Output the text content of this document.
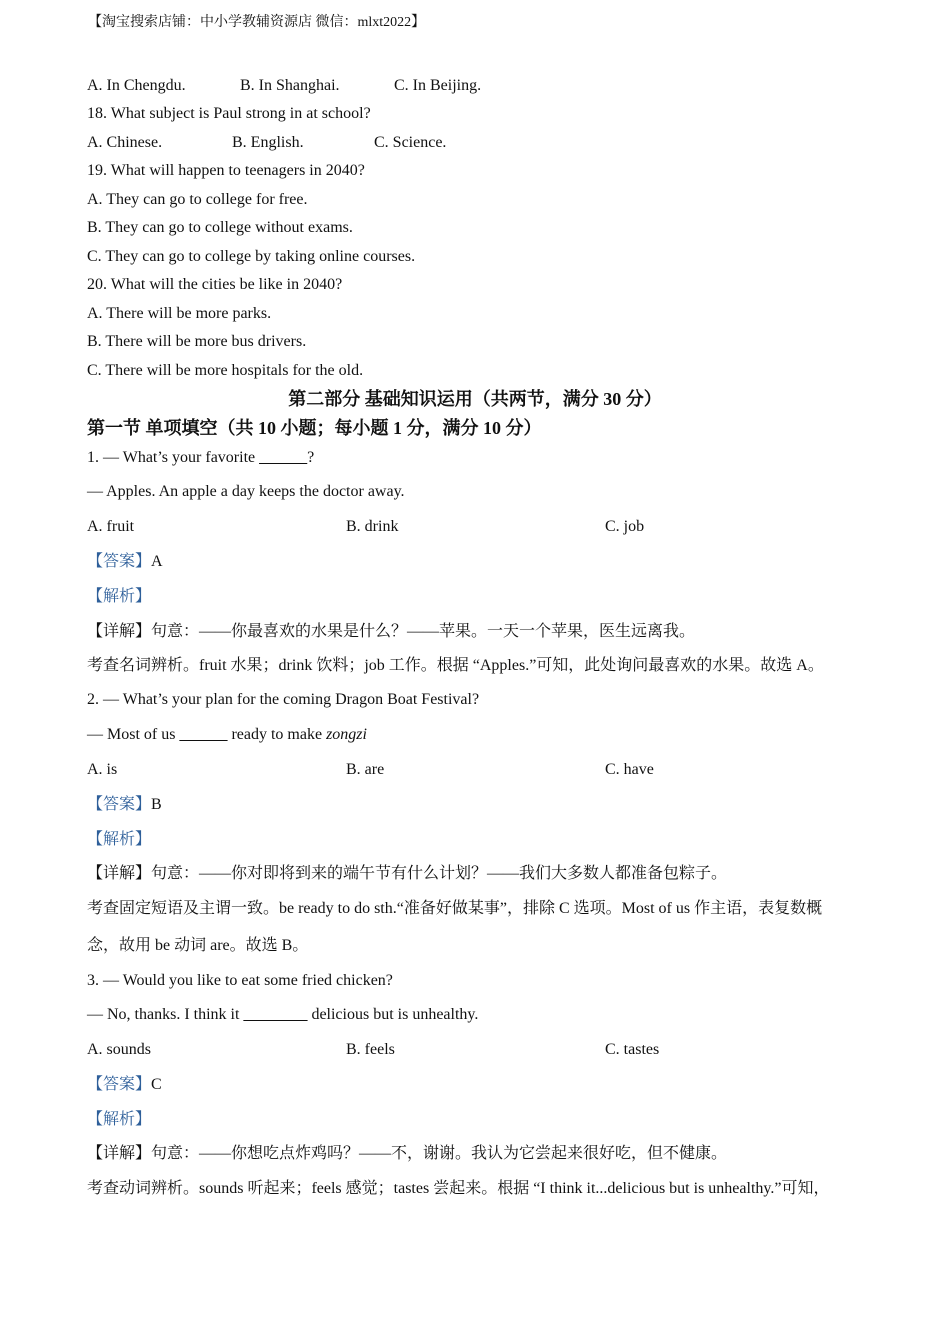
【淘宝搜索店铺：中小学教辅资源店 微信：mlxt2022】
A. In Chengdu.	B. In Shanghai.	C. In Beijing.
18. What subject is Paul strong in at school?
A. Chinese.	B. English.	C. Science.
19. What will happen to teenagers in 2040?
A. They can go to college for free.
B. They can go to college without exams.
C. They can go to college by taking online courses.
20. What will the cities be like in 2040?
A. There will be more parks.
B. There will be more bus drivers.
C. There will be more hospitals for the old.
第二部分 基础知识运用（共两节，满分 30 分）
第一节 单项填空（共 10 小题；每小题 1 分，满分 10 分）
1. — What’s your favorite ______?
— Apples. An apple a day keeps the doctor away.
A. fruit	B. drink	C. job
【答案】A
【解析】
【详解】句意：——你最喜欢的水果是什么？——苹果。一天一个苹果，医生远离我。
考查名词辨析。fruit 水果；drink 饮料；job 工作。根据 “Apples.”可知，此处询问最喜欢的水果。故选 A。
2. — What’s your plan for the coming Dragon Boat Festival?
— Most of us ______ ready to make zongzi
A. is	B. are	C. have
【答案】B
【解析】
【详解】句意：——你对即将到来的端午节有什么计划？——我们大多数人都准备包粽子。
考查固定短语及主谓一致。be ready to do sth.“准备好做某事”，排除 C 选项。Most of us 作主语，表复数概
念，故用 be 动词 are。故选 B。
3. — Would you like to eat some fried chicken?
— No, thanks. I think it ________ delicious but is unhealthy.
A. sounds	B. feels	C. tastes
【答案】C
【解析】
【详解】句意：——你想吃点炸鸡吗？——不，谢谢。我认为它尝起来很好吃，但不健康。
考查动词辨析。sounds 听起来；feels 感觉；tastes 尝起来。根据 “I think it...delicious but is unhealthy.”可知，
